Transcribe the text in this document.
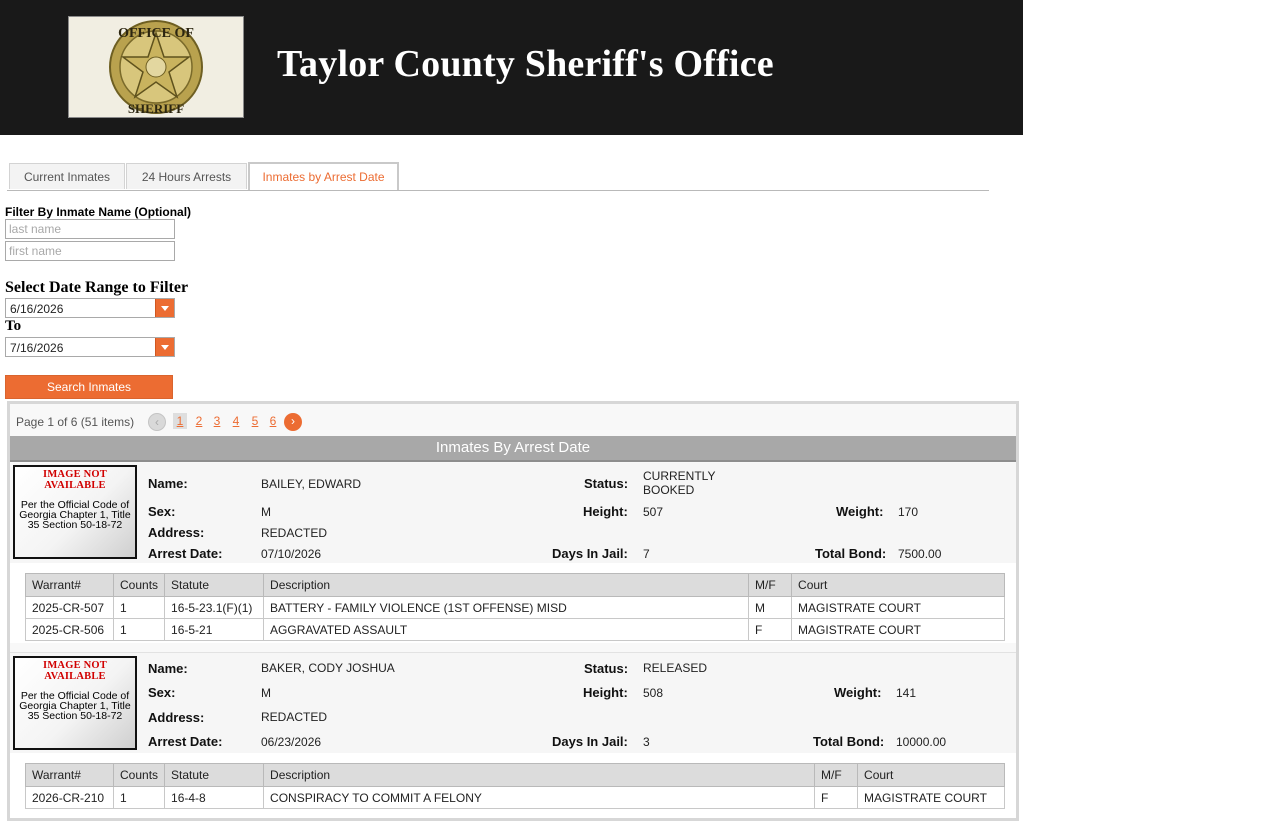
OFFICE OF
SHERIFF
Taylor County Sheriff's Office
Current Inmates	24 Hours Arrests	Inmates by Arrest Date
Filter By Inmate Name (Optional)
last name
first name
Select Date Range to Filter
6/16/2026
To
7/16/2026
Search Inmates
Page 1 of 6 (51 items)	‹	1	2 3	4	5 6	›
Inmates By Arrest Date
IMAGE NOT AVAILABLE
Per the Official Code of Georgia Chapter 1, Title 35 Section 50-18-72
Name:	BAILEY, EDWARD	Status: CURRENTLY BOOKED
Sex:	M	Height: 507	Weight: 170
Address:	REDACTED
Arrest Date:	07/10/2026	Days In Jail: 7	Total Bond: 7500.00
Warrant#	Counts	Statute	Description	M/F	Court
2025-CR-507	1	16-5-23.1(F)(1)	BATTERY - FAMILY VIOLENCE (1ST OFFENSE) MISD	M	MAGISTRATE COURT
2025-CR-506	1	16-5-21	AGGRAVATED ASSAULT	F	MAGISTRATE COURT
IMAGE NOT AVAILABLE
Per the Official Code of Georgia Chapter 1, Title 35 Section 50-18-72
Name:	BAKER, CODY JOSHUA	Status: RELEASED
Sex:	M	Height: 508	Weight: 141
Address:	REDACTED
Arrest Date:	06/23/2026	Days In Jail: 3	Total Bond: 10000.00
Warrant#	Counts	Statute	Description	M/F	Court
2026-CR-210	1	16-4-8	CONSPIRACY TO COMMIT A FELONY	F	MAGISTRATE COURT
